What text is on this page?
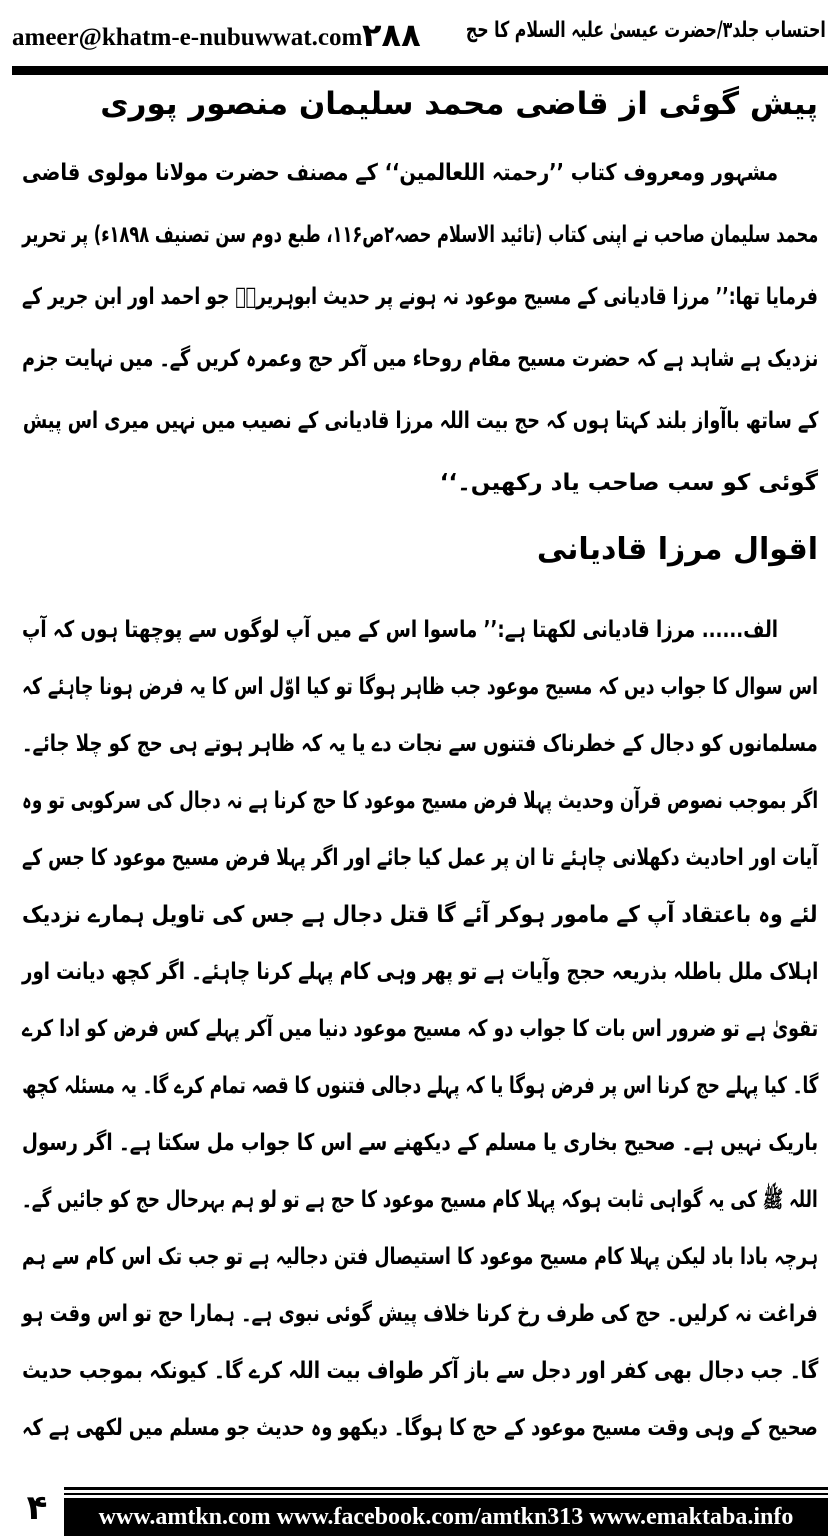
ameer@khatm-e-nubuwwat.com ۲۸۸ احتساب جلد۳/حضرت عیسیٰ علیہ السلام کا حج
پیش گوئی از قاضی محمد سلیمان منصور پوری
مشہور ومعروف کتاب ’’رحمتہ اللعالمین‘‘ کے مصنف حضرت مولانا مولوی قاضی
محمد سلیمان صاحب نے اپنی کتاب (تائید الاسلام حصہ۲ص۱۱۶، طبع دوم سن تصنیف ۱۸۹۸ء) پر تحریر
فرمایا تھا:’’ مرزا قادیانی کے مسیح موعود نہ ہونے پر حدیث ابوہریرہؓ جو احمد اور ابن جریر کے
نزدیک ہے شاہد ہے کہ حضرت مسیح مقام روحاء میں آکر حج وعمرہ کریں گے۔ میں نہایت جزم
کے ساتھ باآواز بلند کہتا ہوں کہ حج بیت اللہ مرزا قادیانی کے نصیب میں نہیں میری اس پیش
گوئی کو سب صاحب یاد رکھیں۔‘‘
اقوال مرزا قادیانی
الف...... مرزا قادیانی لکھتا ہے:’’ ماسوا اس کے میں آپ لوگوں سے پوچھتا ہوں کہ آپ
اس سوال کا جواب دیں کہ مسیح موعود جب ظاہر ہوگا تو کیا اوّل اس کا یہ فرض ہونا چاہئے کہ
مسلمانوں کو دجال کے خطرناک فتنوں سے نجات دے یا یہ کہ ظاہر ہوتے ہی حج کو چلا جائے۔
اگر بموجب نصوص قرآن وحدیث پہلا فرض مسیح موعود کا حج کرنا ہے نہ دجال کی سرکوبی تو وہ
آیات اور احادیث دکھلانی چاہئے تا ان پر عمل کیا جائے اور اگر پہلا فرض مسیح موعود کا جس کے
لئے وہ باعتقاد آپ کے مامور ہوکر آئے گا قتل دجال ہے جس کی تاویل ہمارے نزدیک
اہلاک ملل باطلہ بذریعہ حجج وآیات ہے تو پھر وہی کام پہلے کرنا چاہئے۔ اگر کچھ دیانت اور
تقویٰ ہے تو ضرور اس بات کا جواب دو کہ مسیح موعود دنیا میں آکر پہلے کس فرض کو ادا کرے
گا۔ کیا پہلے حج کرنا اس پر فرض ہوگا یا کہ پہلے دجالی فتنوں کا قصہ تمام کرے گا۔ یہ مسئلہ کچھ
باریک نہیں ہے۔ صحیح بخاری یا مسلم کے دیکھنے سے اس کا جواب مل سکتا ہے۔ اگر رسول
اللہ ﷺ کی یہ گواہی ثابت ہوکہ پہلا کام مسیح موعود کا حج ہے تو لو ہم بہرحال حج کو جائیں گے۔
ہرچہ بادا باد لیکن پہلا کام مسیح موعود کا استیصال فتن دجالیہ ہے تو جب تک اس کام سے ہم
فراغت نہ کرلیں۔ حج کی طرف رخ کرنا خلاف پیش گوئی نبوی ہے۔ ہمارا حج تو اس وقت ہو
گا۔ جب دجال بھی کفر اور دجل سے باز آکر طواف بیت اللہ کرے گا۔ کیونکہ بموجب حدیث
صحیح کے وہی وقت مسیح موعود کے حج کا ہوگا۔ دیکھو وہ حدیث جو مسلم میں لکھی ہے کہ
۴	www.amtkn.com www.facebook.com/amtkn313 www.emaktaba.info
